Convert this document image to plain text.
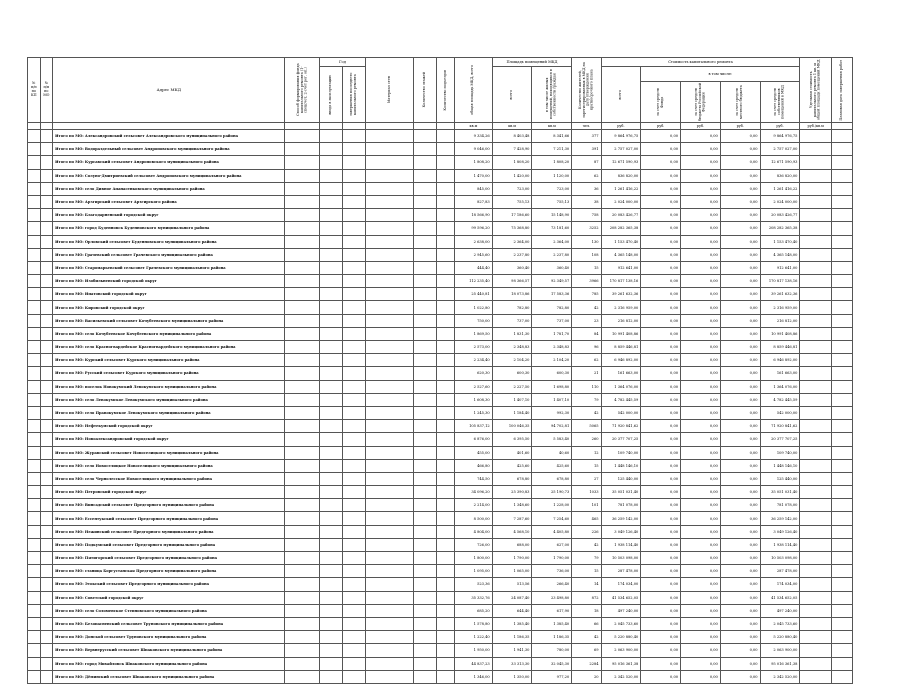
№ п/п по КП	№ п/п по МО	Адрес МКД	Способ формирования фонда капитального ремонта (1-спецсчет, 2-счет рег. оп.)	Год		Материал стен	Количество этажей	Количество подъездов	общая площадь МКД, всего	Площадь помещений МКД		Количество жителей, зарегистрированных в МКД на дату утверждения краткосрочного плана	Стоимость капитального ремонта					Удельная стоимость капитального ремонта 1 кв. м общей площади помещений МКД	Плановая дата завершения работ

				ввода в эксплуатацию	завершения последнего капитального ремонта					всего	в том числе жилых помещений, находящихся в собственности граждан		всего	в том числе:					

														за счет средств Фонда	за счет средств бюджета Российской Федерации	за счет средств местного бюджета	за счет средств собственников помещений в МКД		

									кв.м	кв.м	кв.м	чел.	руб.	руб.	руб.	руб.	руб.	руб./кв.м	
		Итого по МО: Александровский сельсовет Александровского муниципального района							9 334,26	8 403,48	8 341,66	377	9 864 976,75	0,00	0,00	0,00	9 864 976,75		
		Итого по МО: Водораздельный сельсовет Андроповского муниципального района							9 046,00	7 428,90	7 211,30	391	2 757 027,00	0,00	0,00	0,00	2 757 027,00		
		Итого по МО: Курсавский сельсовет Андроповского муниципального района							1 808,20	1 808,20	1 808,20	87	12 671 590,93	0,00	0,00	0,00	12 671 590,93		
		Итого по МО: Солуно-Дмитриевский сельсовет Андроповского муниципального района							1 470,00	1 420,00	1 120,00	62	836 820,00	0,00	0,00	0,00	836 820,00		
		Итого по МО: село Дивное Апанасенковского муниципального района							845,00	723,00	723,00	36	1 261 416,22	0,00	0,00	0,00	1 261 416,22		
		Итого по МО: Арзгирский сельсовет Арзгирского района							827,83	755,13	755,13	38	2 024 000,00	0,00	0,00	0,00	2 024 000,00		
		Итого по МО: Благодарненский городской округ							18 566,90	17 186,60	15 148,90	758	20 083 426,77	0,00	0,00	0,00	20 083 426,77		
		Итого по МО: город Буденновск Буденновского муниципального района							99 596,20	75 368,80	73 181,60	3252	208 282 365,38	0,00	0,00	0,00	208 282 365,38		
		Итого по МО: Орловский сельсовет Буденновского муниципального района							2 638,00	2 364,00	2 364,00	130	1 153 470,40	0,00	0,00	0,00	1 153 470,40		
		Итого по МО: Грачевский сельсовет Грачевского муниципального района							2 945,60	2 237,80	2 237,80	108	4 365 148,00	0,00	0,00	0,00	4 365 148,00		
		Итого по МО: Старомарьевский сельсовет Грачевского муниципального района							444,40	360,40	360,40	15	912 641,00	0,00	0,00	0,00	912 641,00		
		Итого по МО: Изобильненский городской округ							112 235,40	98 366,57	92 349,57	3966	170 817 138,16	0,00	0,00	0,00	170 817 138,16		
		Итого по МО: Ипатовский городской округ							25 440,81	18 073,86	17 583,36	785	39 261 632,36	0,00	0,00	0,00	39 261 632,36		
		Итого по МО: Кировский городской округ							1 022,80	782,80	782,80	42	2 316 959,00	0,00	0,00	0,00	2 316 959,00		
		Итого по МО: Васильевский сельсовет Кочубеевского муниципального района							750,00	737,00	737,00	23	216 812,00	0,00	0,00	0,00	216 812,00		
		Итого по МО: село Кочубеевское Кочубеевского муниципального района							1 869,50	1 831,30	1 781,70	84	10 991 408,86	0,00	0,00	0,00	10 991 408,86		
		Итого по МО: село Красногвардейское Красногвардейского муниципального района							2 573,00	2 348,83	2 348,83	96	8 859 446,81	0,00	0,00	0,00	8 859 446,81		
		Итого по МО: Курский сельсовет Курского муниципального района							2 234,40	2 104,20	2 104,20	62	6 946 892,00	0,00	0,00	0,00	6 946 892,00		
		Итого по МО: Русский сельсовет Курского муниципального района							620,30	600,30	600,30	21	161 663,00	0,00	0,00	0,00	161 663,00		
		Итого по МО: поселок Новокумский Левокумского муниципального района							2 527,60	2 227,50	1 698,80	110	1 364 076,00	0,00	0,00	0,00	1 364 076,00		
		Итого по МО: село Левокумское Левокумского муниципального района							1 608,30	1 407,10	1 407,10	79	4 782 445,59	0,00	0,00	0,00	4 782 445,59		
		Итого по МО: село Правокумское Левокумского муниципального района							1 245,30	1 184,40	992,30	42	542 000,00	0,00	0,00	0,00	542 000,00		
		Итого по МО: Нефтекумский городской округ							105 837,12	100 046,35	94 702,81	5065	71 920 841,62	0,00	0,00	0,00	71 920 841,62		
		Итого по МО: Новоалександровский городской округ							6 876,00	6 395,50	5 583,40	260	20 377 707,25	0,00	0,00	0,00	20 377 707,25		
		Итого по МО: Журавский сельсовет Новоселицкого муниципального района							455,00	401,60	40,60	12	109 740,00	0,00	0,00	0,00	109 740,00		
		Итого по МО: село Новоселицкое Новоселицкого муниципального района							466,80	425,60	425,60	15	1 448 146,10	0,00	0,00	0,00	1 448 146,10		
		Итого по МО: село Чернолесское Новоселицкого муниципального района							744,50	678,80	678,80	27	125 440,00	0,00	0,00	0,00	125 440,00		
		Итого по МО: Петровский городской округ							34 096,20	25 390,83	25 190,73	1033	35 051 031,40	0,00	0,00	0,00	35 051 031,40		
		Итого по МО: Винсадский сельсовет Предгорного муниципального района							2 214,00	1 348,60	1 228,00	101	781 078,00	0,00	0,00	0,00	781 078,00		
		Итого по МО: Ессентукский сельсовет Предгорного муниципального района							8 500,00	7 287,60	7 254,60	465	36 259 142,00	0,00	0,00	0,00	36 259 142,00		
		Итого по МО: Нежинский сельсовет Предгорного муниципального района							4 804,00	4 568,10	4 405,80	226	3 049 126,40	0,00	0,00	0,00	3 049 126,40		
		Итого по МО: Подкумский сельсовет Предгорного муниципального района							726,00	688,00	627,00	42	1 938 114,40	0,00	0,00	0,00	1 938 114,40		
		Итого по МО: Пятигорский сельсовет Предгорного муниципального района							1 800,00	1 790,00	1 790,00	79	10 503 098,00	0,00	0,00	0,00	10 503 098,00		
		Итого по МО: станица Боргустанская Предгорного муниципального района							1 095,00	1 065,00	736,00	15	287 478,00	0,00	0,00	0,00	287 478,00		
		Итого по МО: Этокский сельсовет Предгорного муниципального района							523,36	513,56	266,40	14	174 034,00	0,00	0,00	0,00	174 034,00		
		Итого по МО: Советский городской округ							35 332,76	24 087,40	23 498,80	872	41 534 652,05	0,00	0,00	0,00	41 534 652,05		
		Итого по МО: село Соломенское Степновского муниципального района							685,20	644,40	617,90	18	497 240,00	0,00	0,00	0,00	497 240,00		
		Итого по МО: Безопасненский сельсовет Труновского муниципального района							1 578,80	1 385,40	1 385,40	66	2 045 733,60	0,00	0,00	0,00	2 045 733,60		
		Итого по МО: Донской сельсовет Труновского муниципального района							1 222,40	1 186,35	1 186,35	42	5 220 880,40	0,00	0,00	0,00	5 220 880,40		
		Итого по МО: Верхнерусский сельсовет Шпаковского муниципального района							1 950,00	1 941,30	780,00	69	2 063 900,00	0,00	0,00	0,00	2 063 900,00		
		Итого по МО: город Михайловск Шпаковского муниципального района							44 837,23	33 313,30	32 045,30	2284	95 016 361,38	0,00	0,00	0,00	95 016 361,38		
		Итого по МО: Дёминский сельсовет Шпаковского муниципального района							1 346,00	1 350,00	977,20	20	2 342 520,00	0,00	0,00	0,00	2 342 520,00		
